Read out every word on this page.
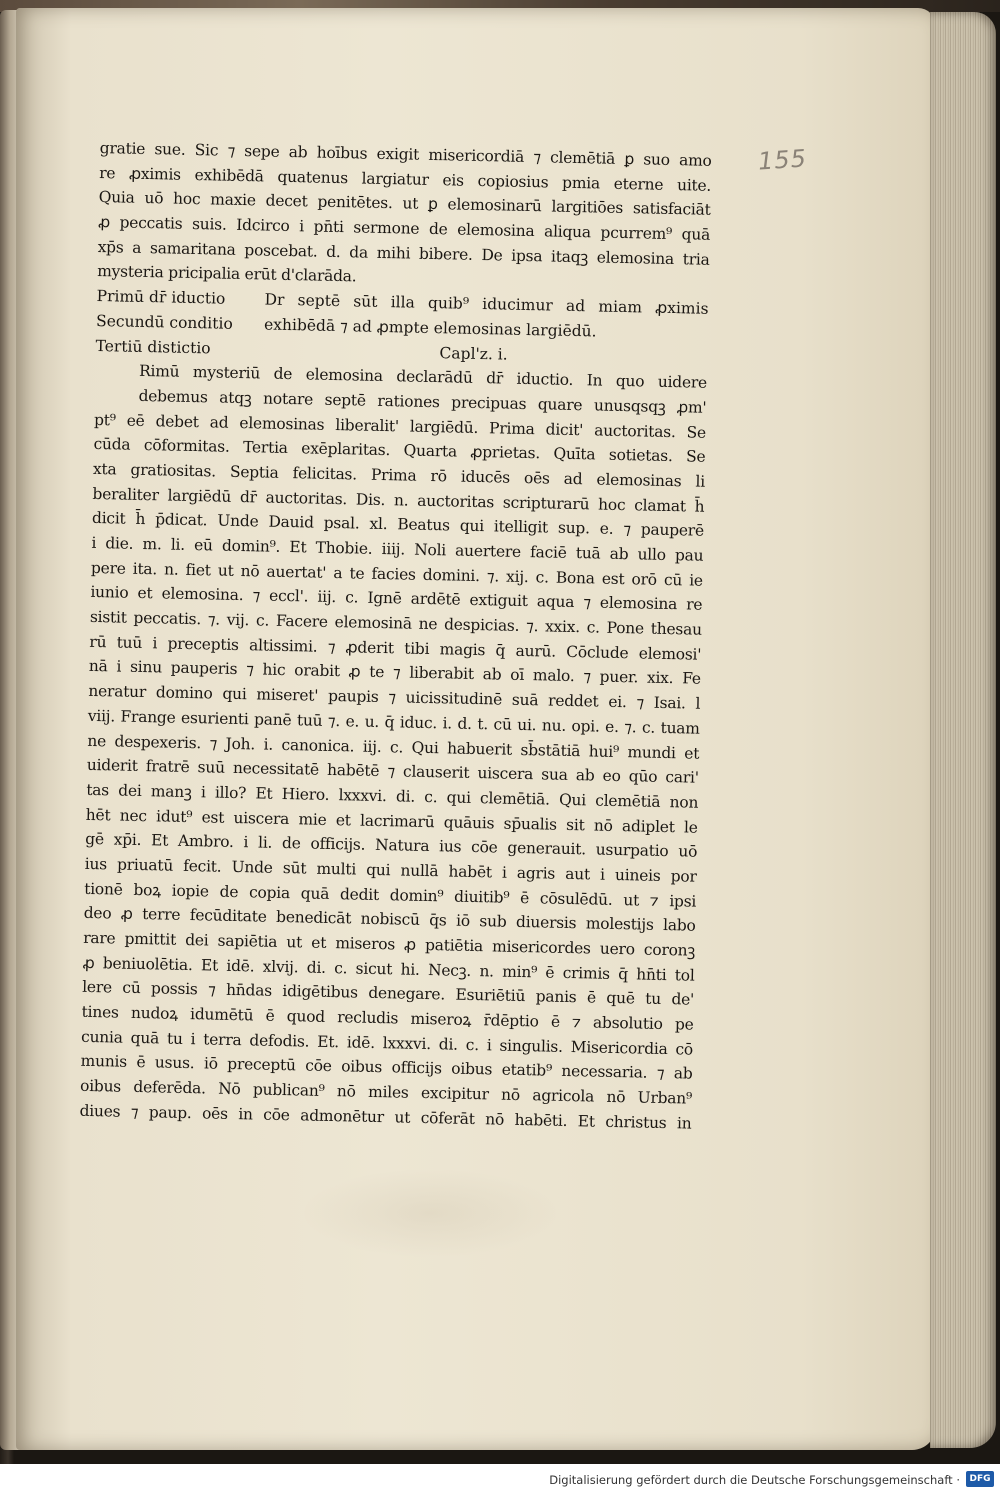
155
gratie sue. Sic ⁊ sepe ab hoībus exigit misericordiā ⁊ clemētiā ꝑ suo amo
re ꝓximis exhibēdā quatenus largiatur eis copiosius pmia eterne uite.
Quia uō hoc maxie decet penitētes. ut ꝑ elemosinarū largitiōes satisfaciāt
ꝓ peccatis suis. Idcirco i pn̄ti sermone de elemosina aliqua pcurrem⁹ quā
xp̄s a samaritana poscebat. d. da mihi bibere. De ipsa itaqꝫ elemosina tria
mysteria pricipalia erūt d'clarāda.
Primū dr̄ iductio	Dr septē sūt illa quib⁹ iducimur ad miam ꝓximis
Secundū conditio	exhibēdā ⁊ ad ꝓmpte elemosinas largiēdū.
Tertiū distictio	Capl'z. i.
Rimū mysteriū de elemosina declarādū dr̄ iductio. In quo uidere
debemus atqꝫ notare septē rationes precipuas quare unusqsqꝫ ꝓm'
pt⁹ eē debet ad elemosinas liberalit' largiēdū. Prima dicit' auctoritas. Se
cūda cōformitas. Tertia exēplaritas. Quarta ꝓprietas. Quīta sotietas. Se
xta gratiositas. Septia felicitas. Prima rō iducēs oēs ad elemosinas li
beraliter largiēdū dr̄ auctoritas. Dis. n. auctoritas scripturarū hoc clamat h̄
dicit h̄ p̄dicat. Unde Dauid psal. xl. Beatus qui itelligit sup. e. ⁊ pauperē
i die. m. li. eū domin⁹. Et Thobie. iiij. Noli auertere faciē tuā ab ullo pau
pere ita. n. fiet ut nō auertat' a te facies domini. ⁊. xij. c. Bona est orō cū ie
iunio et elemosina. ⁊ eccl'. iij. c. Ignē ardētē extiguit aqua ⁊ elemosina re
sistit peccatis. ⁊. vij. c. Facere elemosinā ne despicias. ⁊. xxix. c. Pone thesau
rū tuū i preceptis altissimi. ⁊ ꝓderit tibi magis q̄ aurū. Cōclude elemosi'
nā i sinu pauperis ⁊ hic orabit ꝓ te ⁊ liberabit ab oī malo. ⁊ puer. xix. Fe
neratur domino qui miseret' paupis ⁊ uicissitudinē suā reddet ei. ⁊ Isai. l
viij. Frange esurienti panē tuū ⁊. e. u. q̄ iduc. i. d. t. cū ui. nu. opi. e. ⁊. c. tuam
ne despexeris. ⁊ Joh. i. canonica. iij. c. Qui habuerit sb̄stātiā hui⁹ mundi et
uiderit fratrē suū necessitatē habētē ⁊ clauserit uiscera sua ab eo qūo cari'
tas dei manꝫ i illo? Et Hiero. lxxxvi. di. c. qui clemētiā. Qui clemētiā non
hēt nec idut⁹ est uiscera mie et lacrimarū quāuis sp̄ualis sit nō adiplet le
gē xp̄i. Et Ambro. i li. de officijs. Natura ius cōe generauit. usurpatio uō
ius priuatū fecit. Unde sūt multi qui nullā habēt i agris aut i uineis por
tionē boꝝ iopie de copia quā dedit domin⁹ diuitib⁹ ē cōsulēdū. ut ⁊ ipsi
deo ꝓ terre fecūditate benedicāt nobiscū q̄s iō sub diuersis molestijs labo
rare pmittit dei sapiētia ut et miseros ꝓ patiētia misericordes uero coronꝫ
ꝓ beniuolētia. Et idē. xlvij. di. c. sicut hi. Necꝫ. n. min⁹ ē crimis q̄ hn̄ti tol
lere cū possis ⁊ hn̄das idigētibus denegare. Esuriētiū panis ē quē tu de'
tines nudoꝝ idumētū ē quod recludis miseroꝝ r̄dēptio ē ⁊ absolutio pe
cunia quā tu i terra defodis. Et. idē. lxxxvi. di. c. i singulis. Misericordia cō
munis ē usus. iō preceptū cōe oibus officijs oibus etatib⁹ necessaria. ⁊ ab
oibus deferēda. Nō publican⁹ nō miles excipitur nō agricola nō Urban⁹
diues ⁊ paup. oēs in cōe admonētur ut cōferāt nō habēti. Et christus in
Digitalisierung gefördert durch die Deutsche Forschungsgemeinschaft ·	DFG
